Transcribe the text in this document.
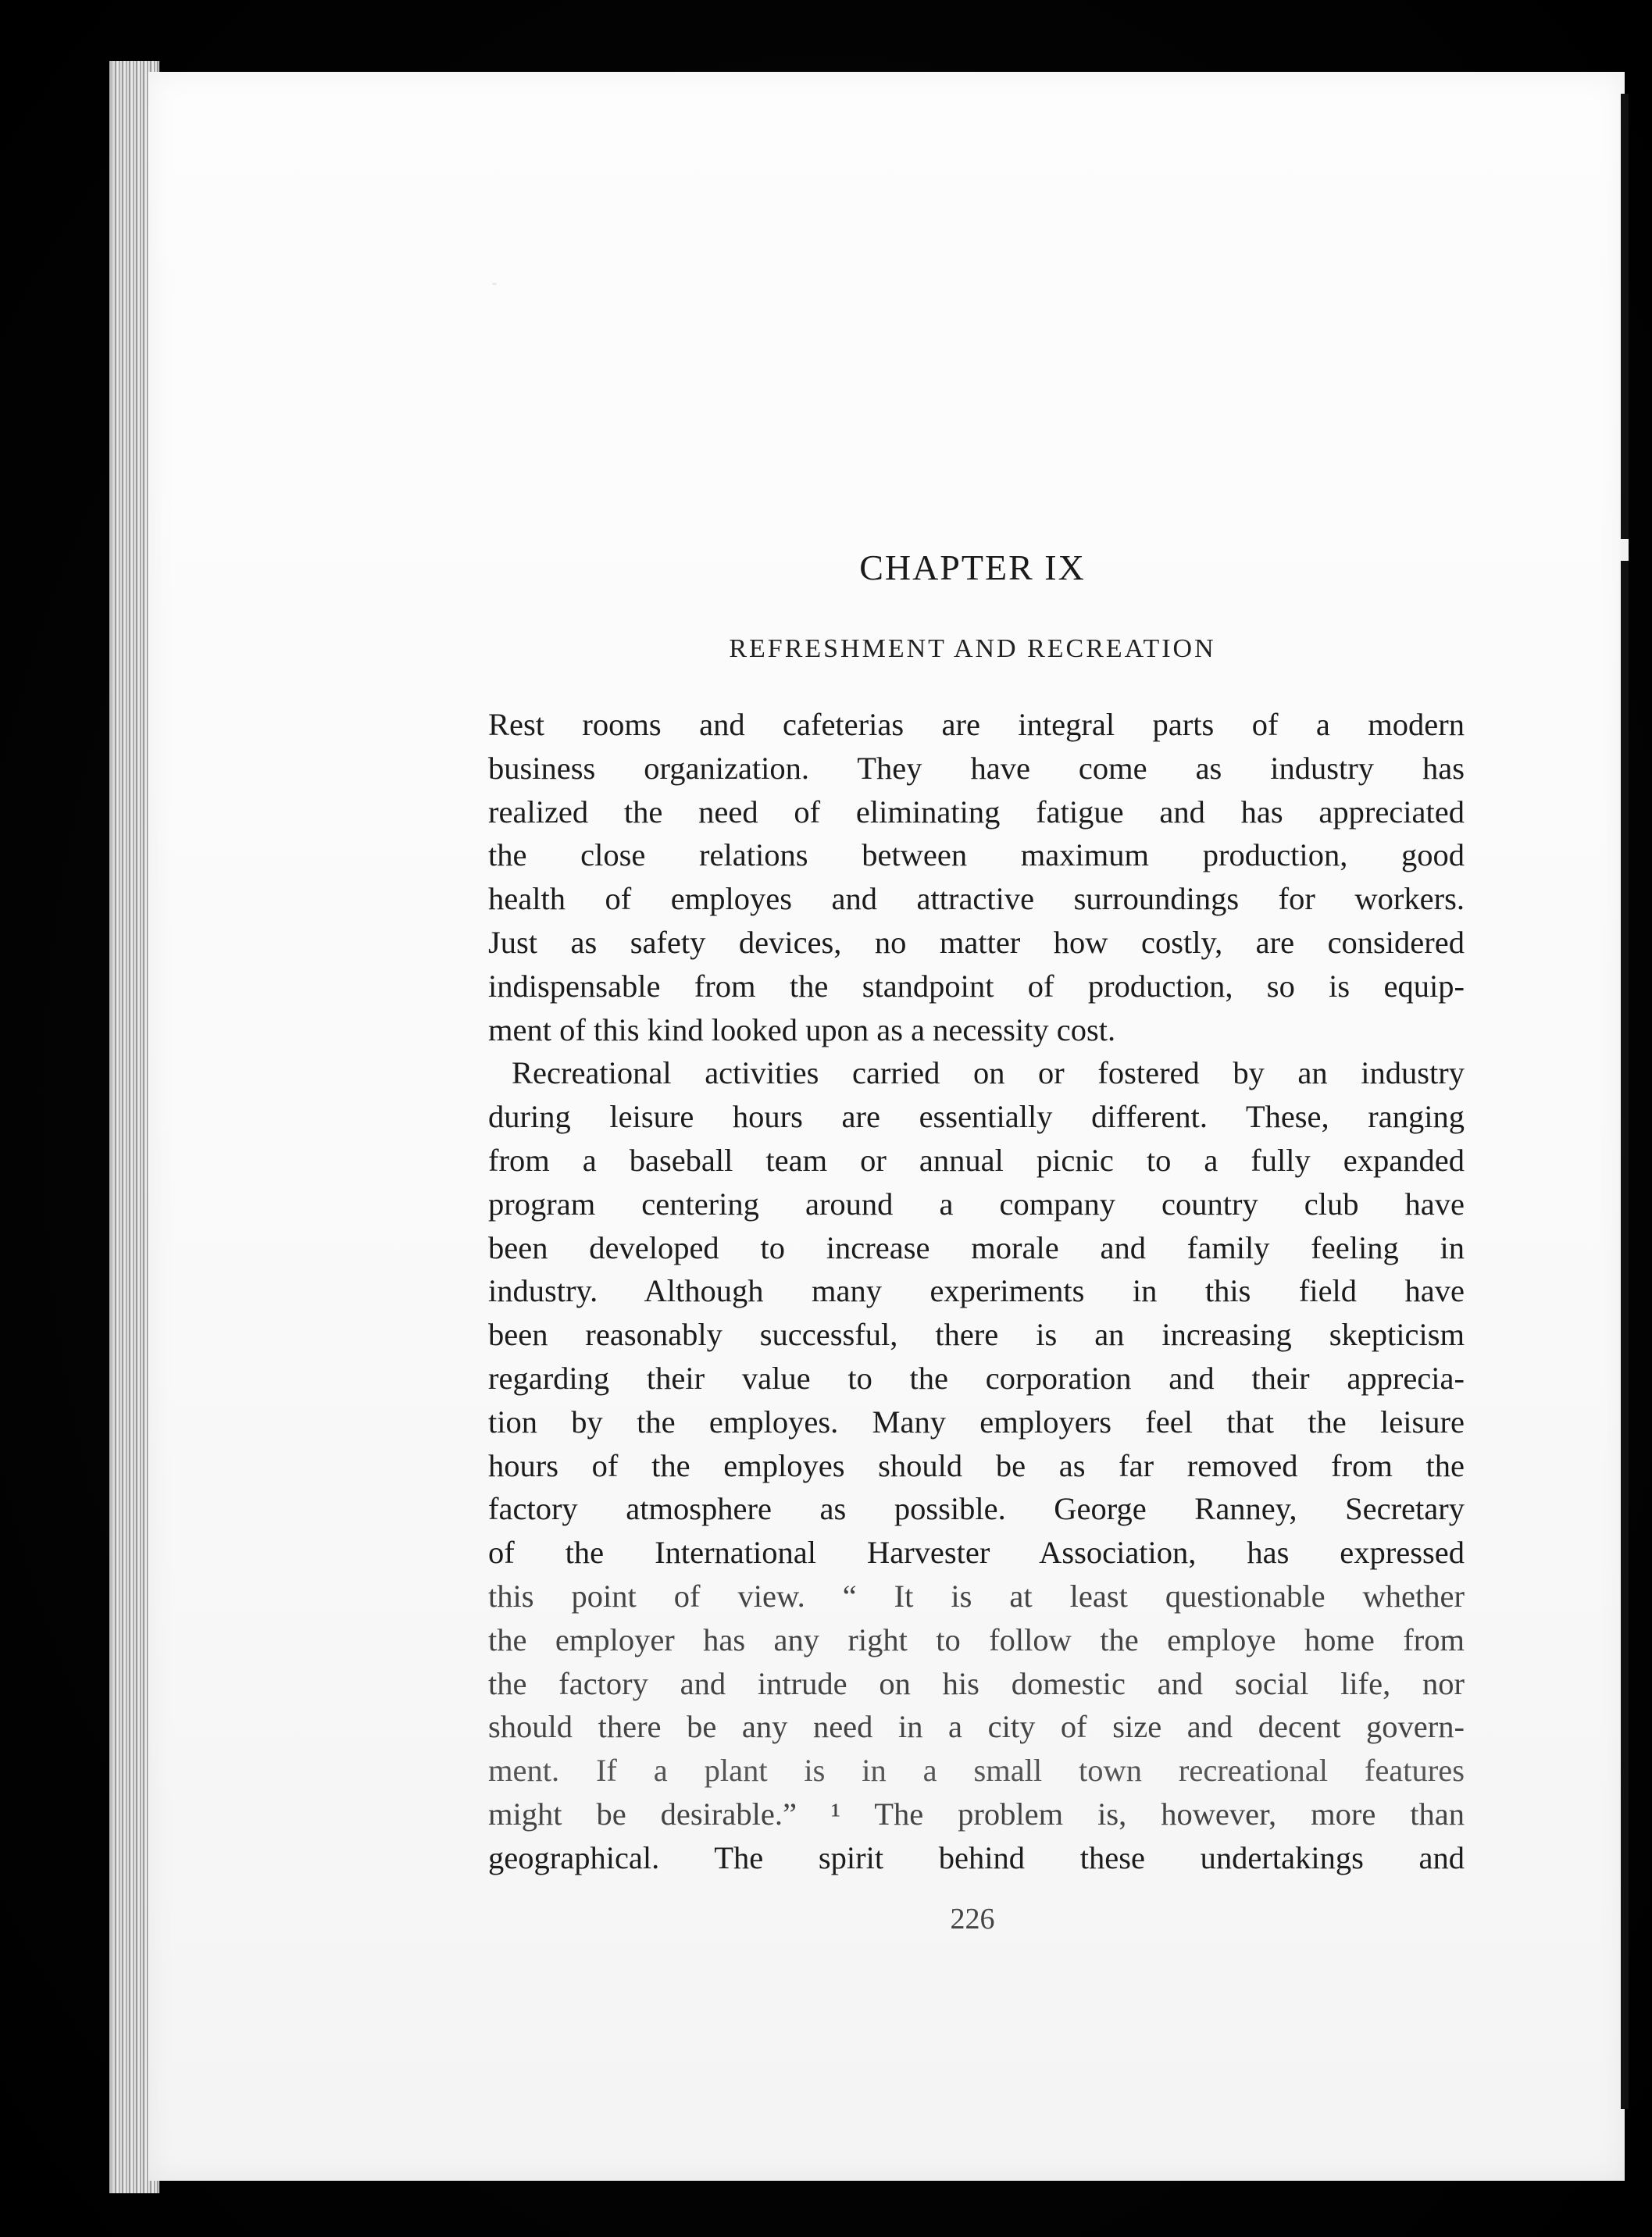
CHAPTER IX
REFRESHMENT AND RECREATION
Rest rooms and cafeterias are integral parts of a modern
business organization. They have come as industry has
realized the need of eliminating fatigue and has appreciated
the close relations between maximum production, good
health of employes and attractive surroundings for workers.
Just as safety devices, no matter how costly, are considered
indispensable from the standpoint of production, so is equip-
ment of this kind looked upon as a necessity cost.
Recreational activities carried on or fostered by an industry
during leisure hours are essentially different. These, ranging
from a baseball team or annual picnic to a fully expanded
program centering around a company country club have
been developed to increase morale and family feeling in
industry. Although many experiments in this field have
been reasonably successful, there is an increasing skepticism
regarding their value to the corporation and their apprecia-
tion by the employes. Many employers feel that the leisure
hours of the employes should be as far removed from the
factory atmosphere as possible. George Ranney, Secretary
of the International Harvester Association, has expressed
this point of view. “ It is at least questionable whether
the employer has any right to follow the employe home from
the factory and intrude on his domestic and social life, nor
should there be any need in a city of size and decent govern-
ment. If a plant is in a small town recreational features
might be desirable.” ¹ The problem is, however, more than
geographical. The spirit behind these undertakings and

226
